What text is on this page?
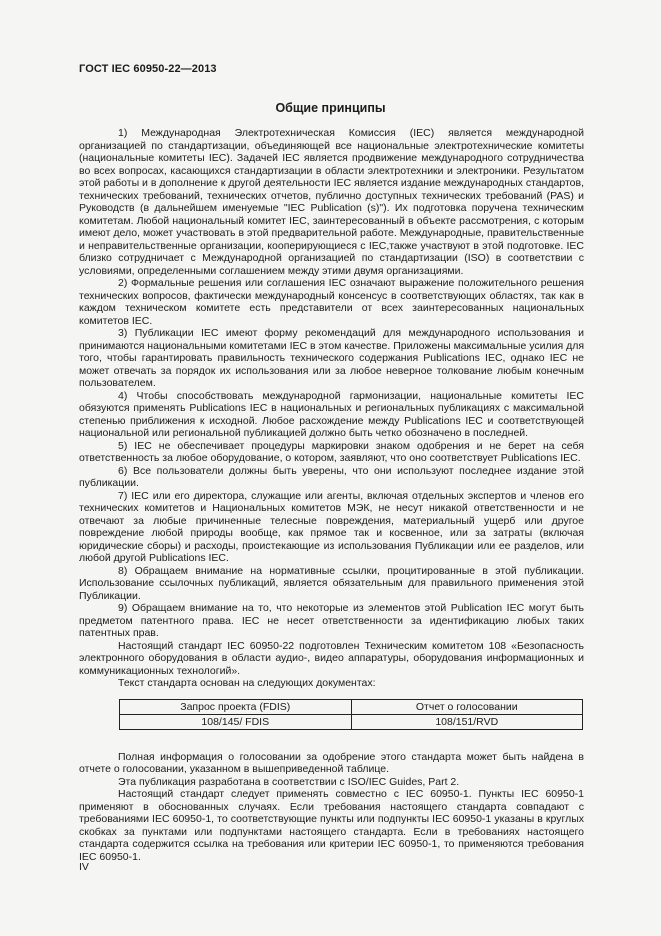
ГОСТ IEC 60950-22—2013
Общие принципы

1) Международная Электротехническая Комиссия (IEC) является международной организацией по стандартизации, объединяющей все национальные электротехнические комитеты (национальные комитеты IEC). Задачей IEC является продвижение международного сотрудничества во всех вопросах, касающихся стандартизации в области электротехники и электроники. Результатом этой работы и в дополнение к другой деятельности IEC является издание международных стандартов, технических требований, технических отчетов, публично доступных технических требований (PAS) и Руководств (в дальнейшем именуемые "IEC Publication (s)"). Их подготовка поручена техническим комитетам. Любой национальный комитет IEC, заинтересованный в объекте рассмотрения, с которым имеют дело, может участвовать в этой предварительной работе. Международные, правительственные и неправительственные организации, кооперирующиеся с IEC,также участвуют в этой подготовке. IEC близко сотрудничает с Международной организацией по стандартизации (ISO) в соответствии с условиями, определенными соглашением между этими двумя организациями.

2) Формальные решения или соглашения IEC означают выражение положительного решения технических вопросов, фактически международный консенсус в соответствующих областях, так как в каждом техническом комитете есть представители от всех заинтересованных национальных комитетов IEC.

3) Публикации IEC имеют форму рекомендаций для международного использования и принимаются национальными комитетами IEC в этом качестве. Приложены максимальные усилия для того, чтобы гарантировать правильность технического содержания Publications IEC, однако IEC не может отвечать за порядок их использования или за любое неверное толкование любым конечным пользователем.

4) Чтобы способствовать международной гармонизации, национальные комитеты IEC обязуются применять Publications IEC в национальных и региональных публикациях с максимальной степенью приближения к исходной. Любое расхождение между Publications IEC и соответствующей национальной или региональной публикацией должно быть четко обозначено в последней.

5) IEC не обеспечивает процедуры маркировки знаком одобрения и не берет на себя ответственность за любое оборудование, о котором, заявляют, что оно соответствует Publications IEC.

6) Все пользователи должны быть уверены, что они используют последнее издание этой публикации.

7) IEC или его директора, служащие или агенты, включая отдельных экспертов и членов его технических комитетов и Национальных комитетов МЭК, не несут никакой ответственности и не отвечают за любые причиненные телесные повреждения, материальный ущерб или другое повреждение любой природы вообще, как прямое так и косвенное, или за затраты (включая юридические сборы) и расходы, проистекающие из использования Публикации или ее разделов, или любой другой Publications IEC.

8) Обращаем внимание на нормативные ссылки, процитированные в этой публикации. Использование ссылочных публикаций, является обязательным для правильного применения этой Публикации.

9) Обращаем внимание на то, что некоторые из элементов этой Publication IEC могут быть предметом патентного права. IEC не несет ответственности за идентификацию любых таких патентных прав.

Настоящий стандарт IEC 60950-22 подготовлен Техническим комитетом 108 «Безопасность электронного оборудования в области аудио-, видео аппаратуры, оборудования информационных и коммуникационных технологий».

Текст стандарта основан на следующих документах:

Запрос проекта (FDIS)	Отчет о голосовании
108/145/ FDIS	108/151/RVD

Полная информация о голосовании за одобрение этого стандарта может быть найдена в отчете о голосовании, указанном в вышеприведенной таблице.

Эта публикация разработана в соответствии с ISO/IEC Guides, Part 2.

Настоящий стандарт следует применять совместно с IEC 60950-1. Пункты IEC 60950-1 применяют в обоснованных случаях. Если требования настоящего стандарта совпадают с требованиями IEC 60950-1, то соответствующие пункты или подпункты IEC 60950-1 указаны в круглых скобках за пунктами или подпунктами настоящего стандарта. Если в требованиях настоящего стандарта содержится ссылка на требования или критерии IEC 60950-1, то применяются требования IEC 60950-1.

IV
